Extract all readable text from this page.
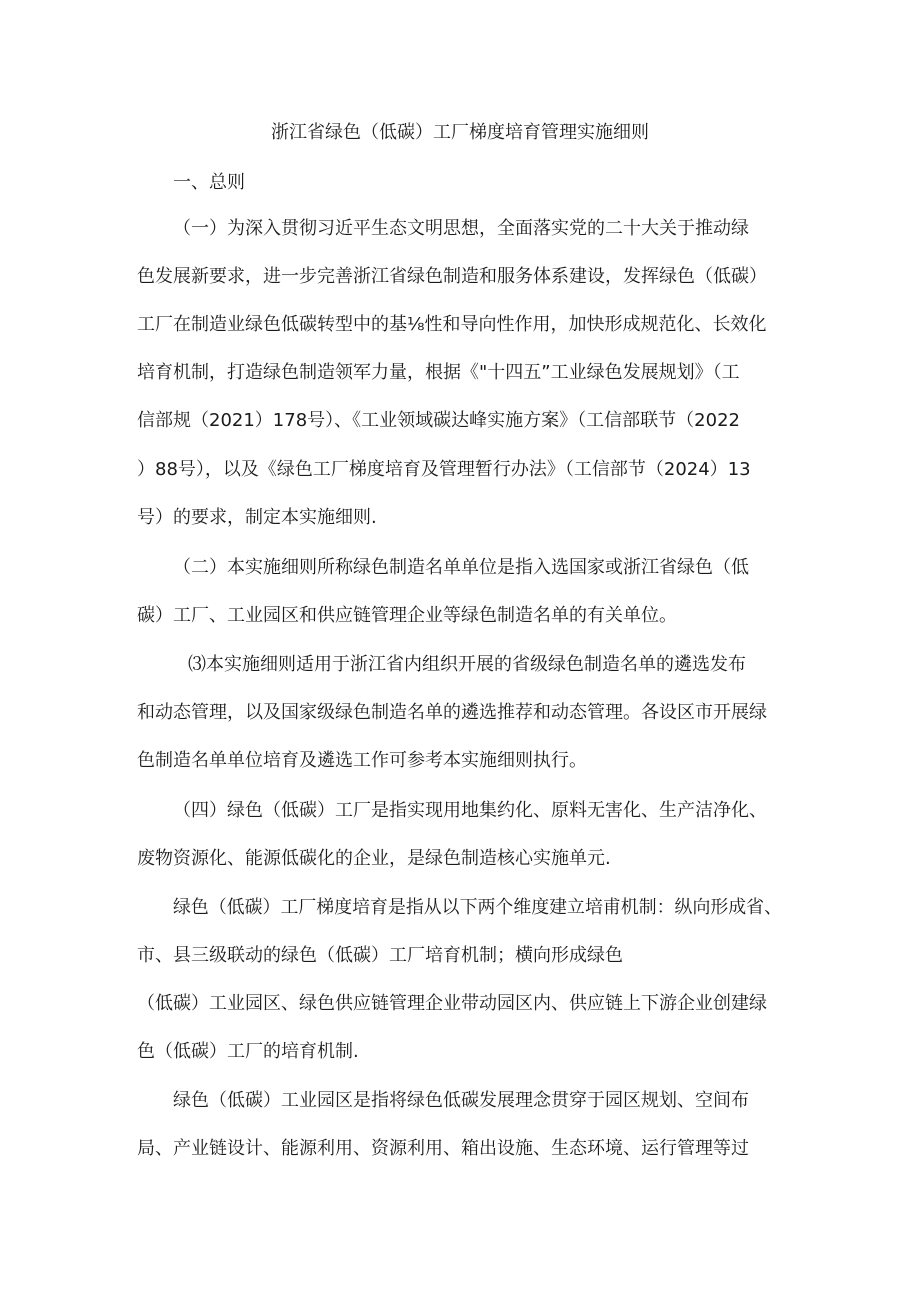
浙江省绿色（低碳）工厂梯度培育管理实施细则
一、总则
（一）为深入贯彻习近平生态文明思想，全面落实党的二十大关于推动绿
色发展新要求，进一步完善浙江省绿色制造和服务体系建设，发挥绿色（低碳）
工厂在制造业绿色低碳转型中的基⅛性和导向性作用，加快形成规范化、长效化
培育机制，打造绿色制造领军力量，根据《"十四五”工业绿色发展规划》（工
信部规（2021）178号）、《工业领域碳达峰实施方案》（工信部联节（2022
）88号），以及《绿色工厂梯度培育及管理暂行办法》（工信部节（2024）13
号）的要求，制定本实施细则.
（二）本实施细则所称绿色制造名单单位是指入选国家或浙江省绿色（低
碳）工厂、工业园区和供应链管理企业等绿色制造名单的有关单位。
⑶本实施细则适用于浙江省内组织开展的省级绿色制造名单的遴选发布
和动态管理，以及国家级绿色制造名单的遴选推荐和动态管理。各设区市开展绿
色制造名单单位培育及遴选工作可参考本实施细则执行。
（四）绿色（低碳）工厂是指实现用地集约化、原料无害化、生产洁净化、
废物资源化、能源低碳化的企业，是绿色制造核心实施单元.
绿色（低碳）工厂梯度培育是指从以下两个维度建立培甫机制：纵向形成省、
市、县三级联动的绿色（低碳）工厂培育机制；横向形成绿色
（低碳）工业园区、绿色供应链管理企业带动园区内、供应链上下游企业创建绿
色（低碳）工厂的培育机制.
绿色（低碳）工业园区是指将绿色低碳发展理念贯穿于园区规划、空间布
局、产业链设计、能源利用、资源利用、箱出设施、生态环境、运行管理等过
